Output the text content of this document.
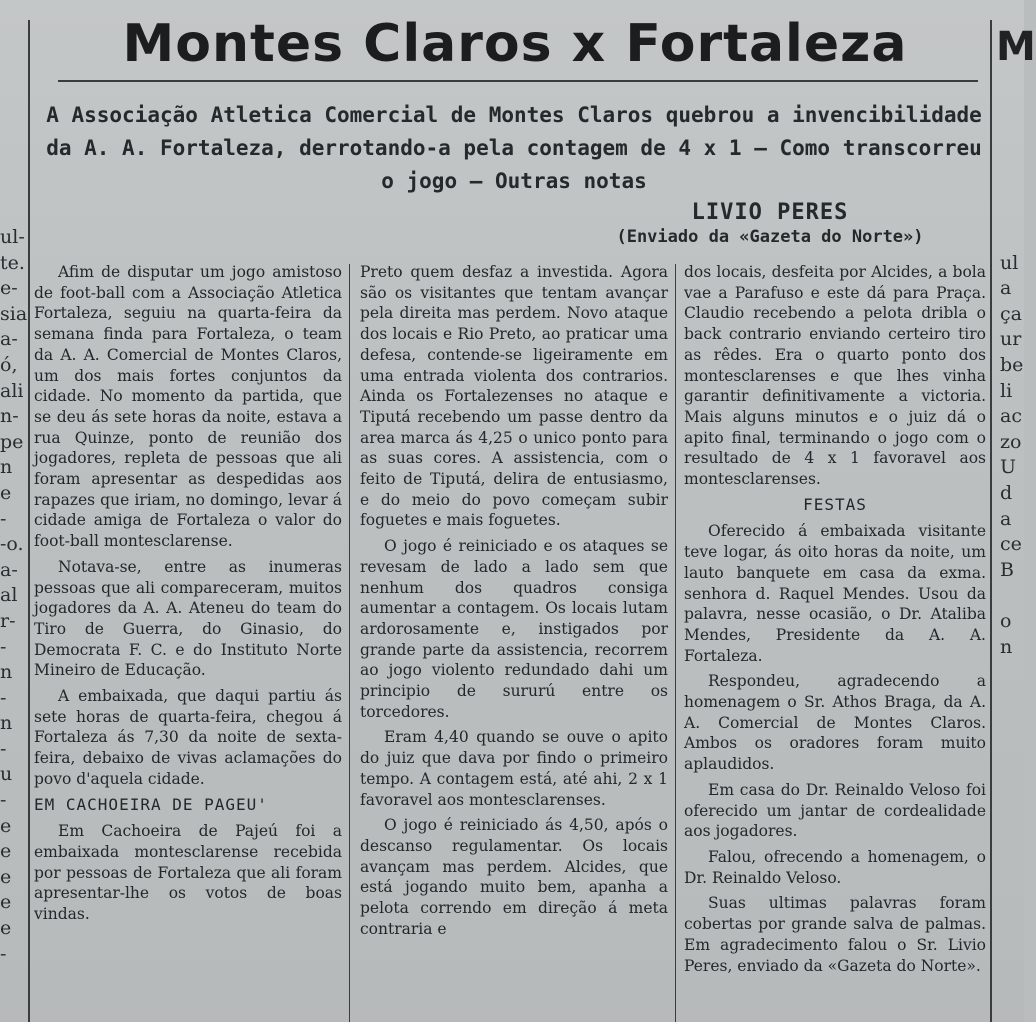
ul-
te.
e-
sia
a-
ó,
ali
n-
pe
n
e
-
-o.
a-
al
r-
-
n
-
n
-
u
-
e
e
e
e
e
-

ul
a
ça
ur
be
li
ac
zo
U
d
a
ce
B

o
n
M
Montes Claros x Fortaleza
A Associação Atletica Comercial de Montes Claros quebrou a invencibilidade da A. A. Fortaleza, derrotando-a pela contagem de 4 x 1 — Como transcorreu o jogo — Outras notas
LIVIO PERES
(Enviado da «Gazeta do Norte»)

Afim de disputar um jogo amistoso de foot-ball com a Associação Atletica Fortaleza, seguiu na quarta-feira da semana finda para Fortaleza, o team da A. A. Comercial de Montes Claros, um dos mais fortes conjuntos da cidade. No momento da partida, que se deu ás sete horas da noite, estava a rua Quinze, ponto de reunião dos jogadores, repleta de pessoas que ali foram apresentar as despedidas aos rapazes que iriam, no domingo, levar á cidade amiga de Fortaleza o valor do foot-ball montesclarense.

Notava-se, entre as inumeras pessoas que ali compareceram, muitos jogadores da A. A. Ateneu do team do Tiro de Guerra, do Ginasio, do Democrata F. C. e do Instituto Norte Mineiro de Educação.

A embaixada, que daqui partiu ás sete horas de quarta-feira, chegou á Fortaleza ás 7,30 da noite de sexta-feira, debaixo de vivas aclamações do povo d'aquela cidade.

EM CACHOEIRA DE PAGEU'

Em Cachoeira de Pajeú foi a embaixada montesclarense recebida por pessoas de Fortaleza que ali foram apresentar-lhe os votos de boas vindas.

Preto quem desfaz a investida. Agora são os visitantes que tentam avançar pela direita mas perdem. Novo ataque dos locais e Rio Preto, ao praticar uma defesa, contende-se ligeiramente em uma entrada violenta dos contrarios. Ainda os Fortalezenses no ataque e Tiputá recebendo um passe dentro da area marca ás 4,25 o unico ponto para as suas cores. A assistencia, com o feito de Tiputá, delira de entusiasmo, e do meio do povo começam subir foguetes e mais foguetes.

O jogo é reiniciado e os ataques se revesam de lado a lado sem que nenhum dos quadros consiga aumentar a contagem. Os locais lutam ardorosamente e, instigados por grande parte da assistencia, recorrem ao jogo violento redundado dahi um principio de sururú entre os torcedores.

Eram 4,40 quando se ouve o apito do juiz que dava por findo o primeiro tempo. A contagem está, até ahi, 2 x 1 favoravel aos montesclarenses.

O jogo é reiniciado ás 4,50, após o descanso regulamentar. Os locais avançam mas perdem. Alcides, que está jogando muito bem, apanha a pelota correndo em direção á meta contraria e

dos locais, desfeita por Alcides, a bola vae a Parafuso e este dá para Praça. Claudio recebendo a pelota dribla o back contrario enviando certeiro tiro as rêdes. Era o quarto ponto dos montesclarenses e que lhes vinha garantir definitivamente a victoria. Mais alguns minutos e o juiz dá o apito final, terminando o jogo com o resultado de 4 x 1 favoravel aos montesclarenses.

FESTAS

Oferecido á embaixada visitante teve logar, ás oito horas da noite, um lauto banquete em casa da exma. senhora d. Raquel Mendes. Usou da palavra, nesse ocasião, o Dr. Ataliba Mendes, Presidente da A. A. Fortaleza.

Respondeu, agradecendo a homenagem o Sr. Athos Braga, da A. A. Comercial de Montes Claros. Ambos os oradores foram muito aplaudidos.

Em casa do Dr. Reinaldo Veloso foi oferecido um jantar de cordealidade aos jogadores.

Falou, ofrecendo a homenagem, o Dr. Reinaldo Veloso.

Suas ultimas palavras foram cobertas por grande salva de palmas. Em agradecimento falou o Sr. Livio Peres, enviado da «Gazeta do Norte».
